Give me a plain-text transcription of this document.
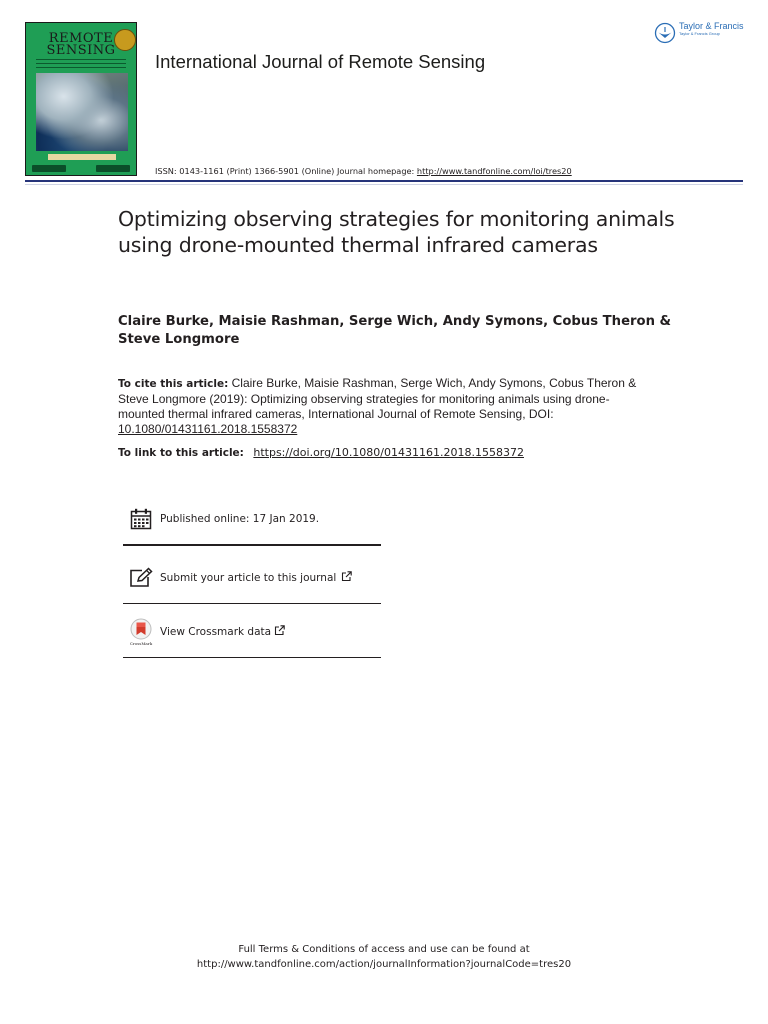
REMOTE
SENSING
International Journal of Remote Sensing
Taylor & Francis
Taylor & Francis Group
ISSN: 0143-1161 (Print) 1366-5901 (Online) Journal homepage: http://www.tandfonline.com/loi/tres20
Optimizing observing strategies for monitoring animals using drone-mounted thermal infrared cameras
Claire Burke, Maisie Rashman, Serge Wich, Andy Symons, Cobus Theron &
Steve Longmore
To cite this article: Claire Burke, Maisie Rashman, Serge Wich, Andy Symons, Cobus Theron & Steve Longmore (2019): Optimizing observing strategies for monitoring animals using drone-mounted thermal infrared cameras, International Journal of Remote Sensing, DOI: 10.1080/01431161.2018.1558372
To link to this article: https://doi.org/10.1080/01431161.2018.1558372
Published online: 17 Jan 2019.
Submit your article to this journal
CrossMark
View Crossmark data
Full Terms & Conditions of access and use can be found at
http://www.tandfonline.com/action/journalInformation?journalCode=tres20
